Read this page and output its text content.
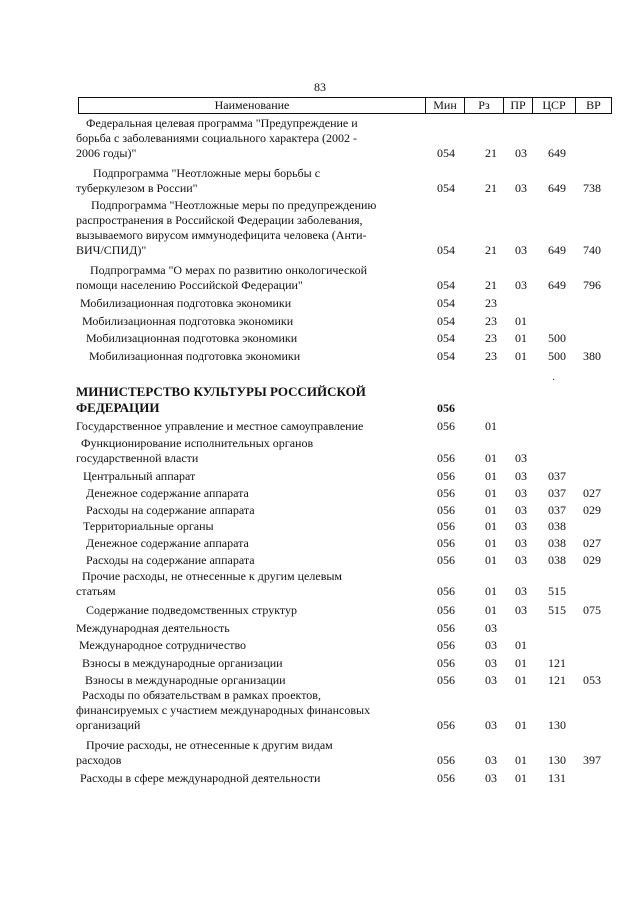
83
Наименование	Мин	Рз	ПР	ЦСР	ВР
Федеральная целевая программа "Предупреждение и
борьба с заболеваниями социального характера (2002 -
2006 годы)"	054	21 03 649
Подпрограмма "Неотложные меры борьбы с
туберкулезом в России"	054	21 03 649 738
Подпрограмма "Неотложные меры по предупреждению
распространения в Российской Федерации заболевания,
вызываемого вирусом иммунодефицита человека (Анти-
ВИЧ/СПИД)"	054	21 03 649 740
Подпрограмма "О мерах по развитию онкологической
помощи населению Российской Федерации"	054	21 03 649 796
Мобилизационная подготовка экономики	054	23
Мобилизационная подготовка экономики	054	23 01
Мобилизационная подготовка экономики	054	23 01 500
Мобилизационная подготовка экономики	054	23 01 500 380
МИНИСТЕРСТВО КУЛЬТУРЫ РОССИЙСКОЙ
ФЕДЕРАЦИИ	056
Государственное управление и местное самоуправление	056	01
Функционирование исполнительных органов
государственной власти	056	01 03
Центральный аппарат	056	01 03 037
Денежное содержание аппарата	056	01 03 037 027
Расходы на содержание аппарата	056	01 03 037 029
Территориальные органы	056	01 03 038
Денежное содержание аппарата	056	01 03 038 027
Расходы на содержание аппарата	056	01 03 038 029
Прочие расходы, не отнесенные к другим целевым
статьям	056	01 03 515
Содержание подведомственных структур	056	01 03 515 075
Международная деятельность	056	03
Международное сотрудничество	056	03 01
Взносы в международные организации	056	03 01 121
Взносы в международные организации	056	03 01 121 053
Расходы по обязательствам в рамках проектов,
финансируемых с участием международных финансовых
организаций	056	03 01 130
Прочие расходы, не отнесенные к другим видам
расходов	056	03 01 130 397
Расходы в сфере международной деятельности	056	03 01 131
·
